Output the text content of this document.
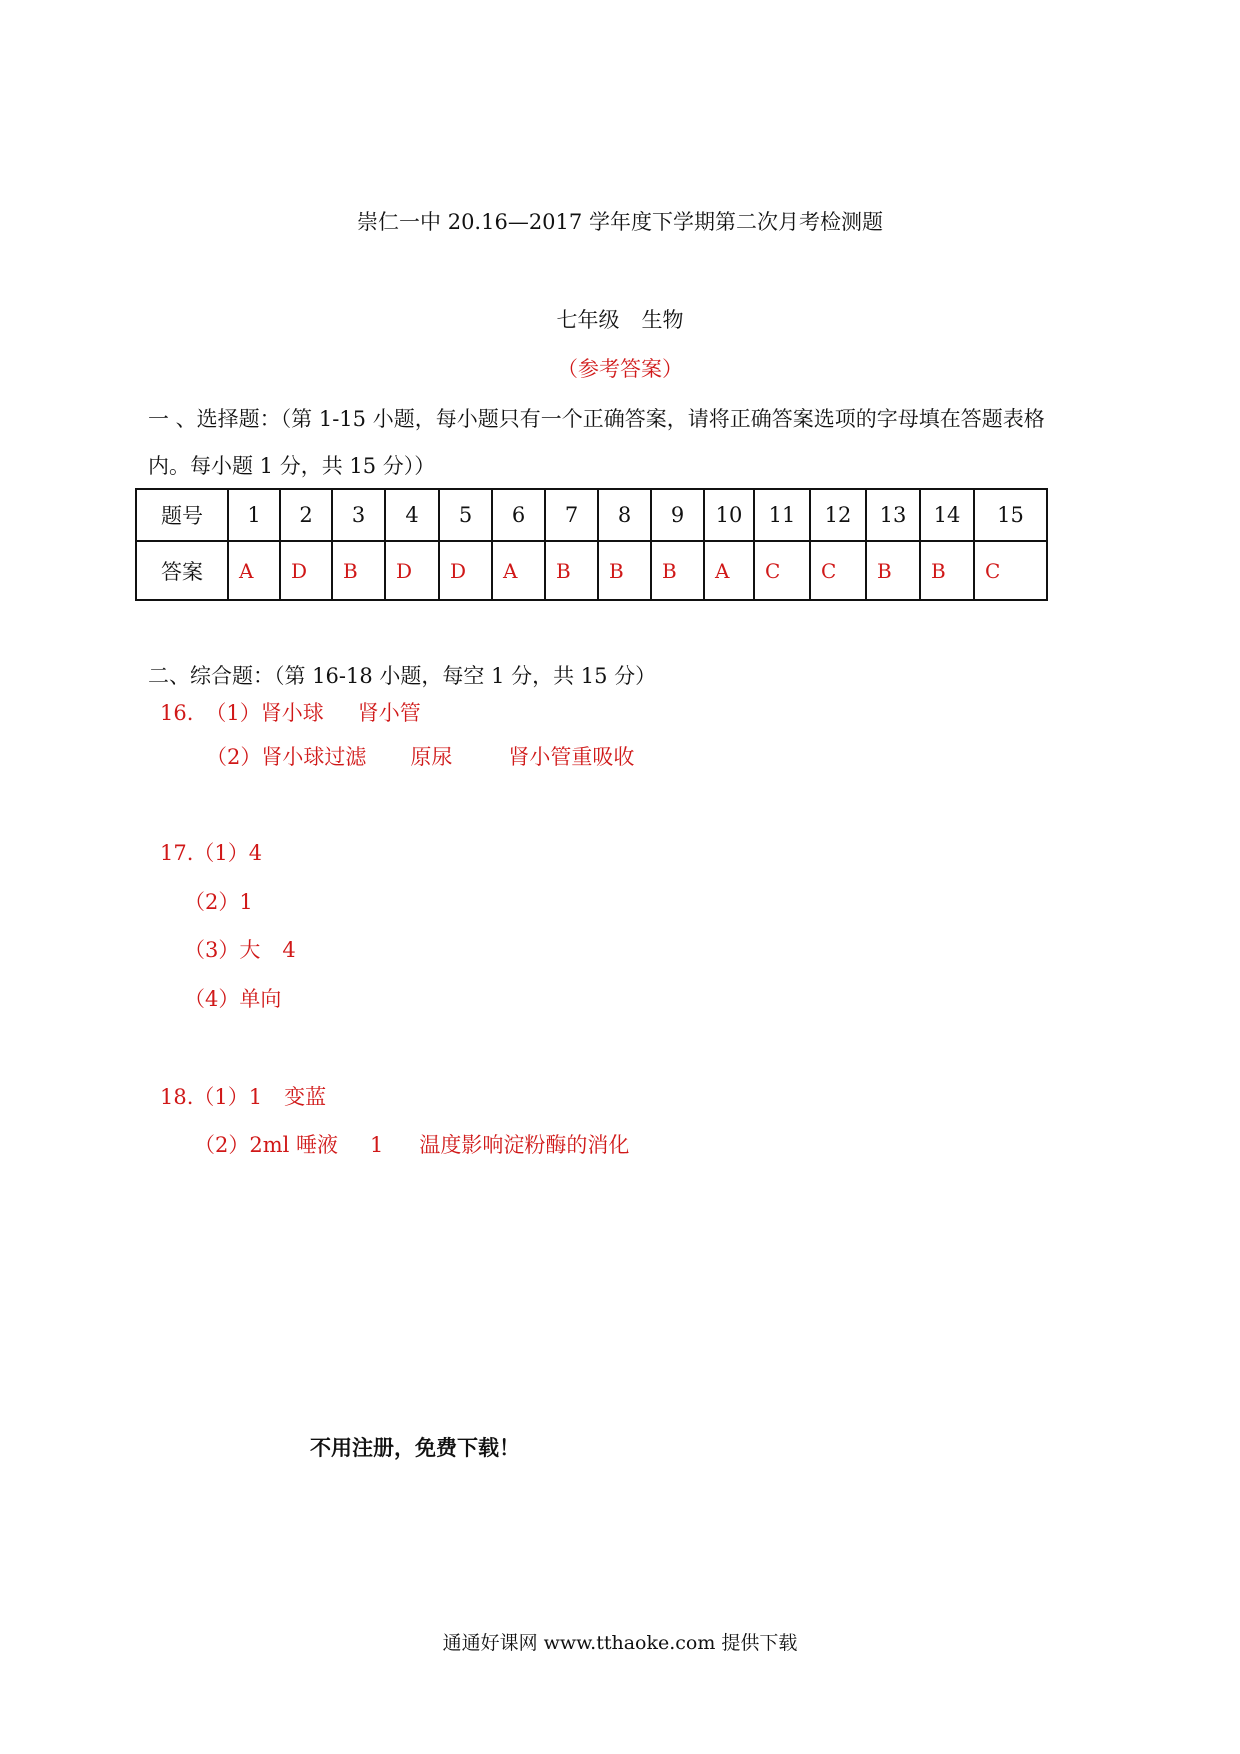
崇仁一中 20.16—2017 学年度下学期第二次月考检测题
七年级 生物
（参考答案）
一 、选择题：（第 1-15 小题，每小题只有一个正确答案，请将正确答案选项的字母填在答题表格
内。每小题 1 分，共 15 分））
题号	1	2	3	4	5	6	7	8	9	10	11	12	13	14	15
答案	A	D	B	D	D	A	B	B	B	A	C	C	B	B	C
二、综合题：（第 16-18 小题，每空 1 分，共 15 分）
16. （1）肾小球 肾小管
（2）肾小球过滤 原尿	肾小管重吸收
17.（1）4
（2）1
（3）大 4
（4）单向
18.（1）1 变蓝
（2）2ml 唾液 1 温度影响淀粉酶的消化
不用注册，免费下载！
通通好课网 www.tthaoke.com 提供下载
